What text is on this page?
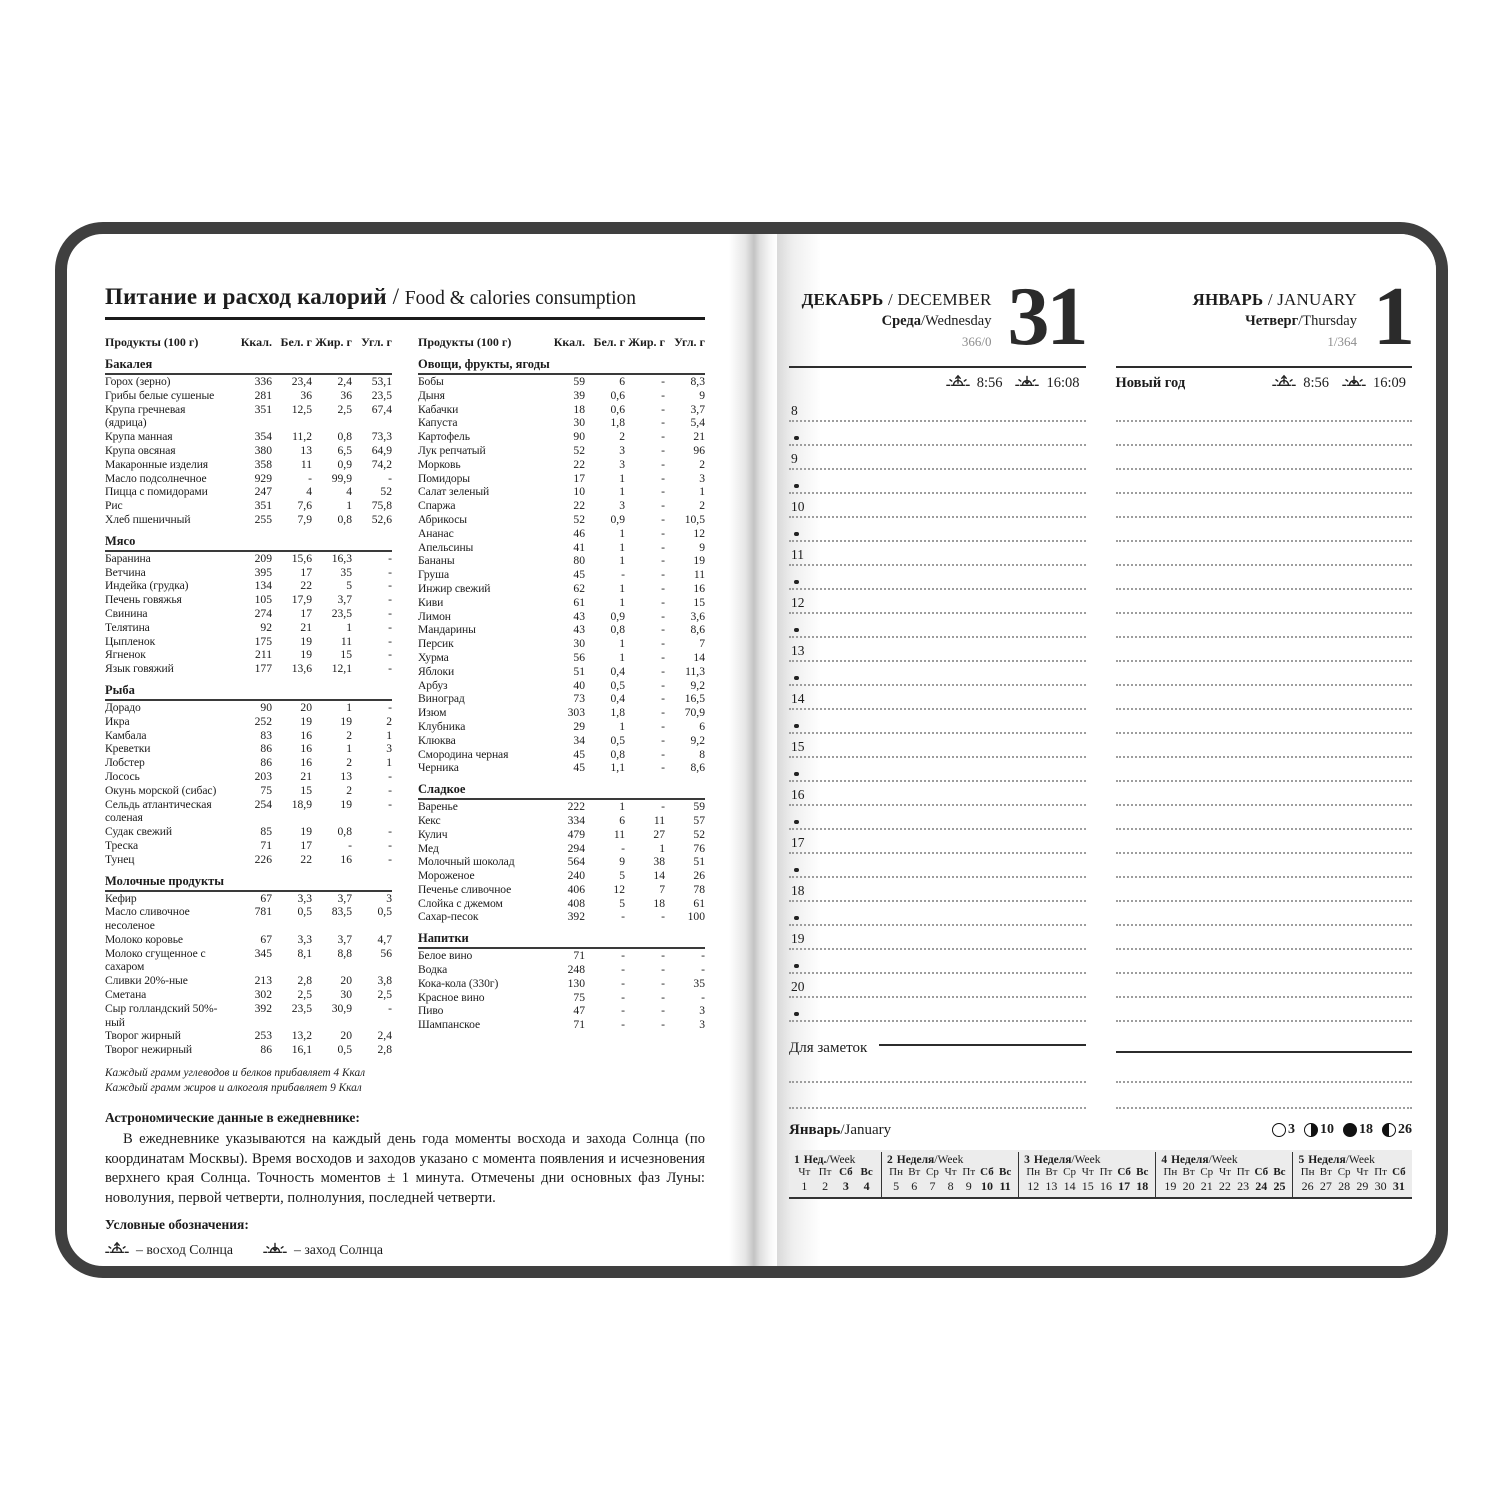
Питание и расход калорий / Food & calories consumption
Продукты (100 г)	Ккал. Бел. г Жир. г Угл. г
Бакалея
Горох (зерно)	336	23,4	2,4	53,1
Грибы белые сушеные	281	36	36	23,5
Крупа гречневая (ядрица)
351	12,5	2,5	67,4
Крупа манная	354	11,2	0,8	73,3
Крупа овсяная	380	13	6,5	64,9
Макаронные изделия	358	11	0,9	74,2
Масло подсолнечное	929	-	99,9	-
Пицца с помидорами	247	4	4	52
Рис	351	7,6	1	75,8
Хлеб пшеничный	255	7,9	0,8	52,6
Мясо
Баранина	209	15,6	16,3	-
Ветчина	395	17	35	-
Индейка (грудка)	134	22	5	-
Печень говяжья	105	17,9	3,7	-
Свинина	274	17	23,5	-
Телятина	92	21	1	-
Цыпленок	175	19	11	-
Ягненок	211	19	15	-
Язык говяжий	177	13,6	12,1	-
Рыба
Дорадо	90	20	1	-
Икра	252	19	19	2
Камбала	83	16	2	1
Креветки	86	16	1	3
Лобстер	86	16	2	1
Лосось	203	21	13	-
Окунь морской (сибас)	75	15	2	-
Сельдь атлантическая соленая
254	18,9	19	-
Судак свежий	85	19	0,8	-
Треска	71	17	-	-
Тунец	226	22	16	-
Молочные продукты
Кефир	67	3,3	3,7	3
Масло сливочное несоленое
781	0,5	83,5	0,5
Молоко коровье	67	3,3	3,7	4,7
Молоко сгущенное с сахаром
345	8,1	8,8	56
Сливки 20%-ные	213	2,8	20	3,8
Сметана	302	2,5	30	2,5
Сыр голландский 50%-ный
392	23,5	30,9	-
Творог жирный	253	13,2	20	2,4
Творог нежирный	86	16,1	0,5	2,8
Продукты (100 г)	Ккал. Бел. г Жир. г Угл. г
Овощи, фрукты, ягоды
Бобы	59	6	-	8,3
Дыня	39	0,6	-	9
Кабачки	18	0,6	-	3,7
Капуста	30	1,8	-	5,4
Картофель	90	2	-	21
Лук репчатый	52	3	-	96
Морковь	22	3	-	2
Помидоры	17	1	-	3
Салат зеленый	10	1	-	1
Спаржа	22	3	-	2
Абрикосы	52	0,9	-	10,5
Ананас	46	1	-	12
Апельсины	41	1	-	9
Бананы	80	1	-	19
Груша	45	-	-	11
Инжир свежий	62	1	-	16
Киви	61	1	-	15
Лимон	43	0,9	-	3,6
Мандарины	43	0,8	-	8,6
Персик	30	1	-	7
Хурма	56	1	-	14
Яблоки	51	0,4	-	11,3
Арбуз	40	0,5	-	9,2
Виноград	73	0,4	-	16,5
Изюм	303	1,8	-	70,9
Клубника	29	1	-	6
Клюква	34	0,5	-	9,2
Смородина черная	45	0,8	-	8
Черника	45	1,1	-	8,6
Сладкое
Варенье	222	1	-	59
Кекс	334	6	11	57
Кулич	479	11	27	52
Мед	294	-	1	76
Молочный шоколад	564	9	38	51
Мороженое	240	5	14	26
Печенье сливочное	406	12	7	78
Слойка с джемом	408	5	18	61
Сахар-песок	392	-	-	100
Напитки
Белое вино	71	-	-	-
Водка	248	-	-	-
Кока-кола (330г)	130	-	-	35
Красное вино	75	-	-	-
Пиво	47	-	-	3
Шампанское	71	-	-	3
Каждый грамм углеводов и белков прибавляет 4 Ккал
Каждый грамм жиров и алкоголя прибавляет 9 Ккал
Астрономические данные в ежедневнике:
В ежедневнике указываются на каждый день года моменты восхода и захода Солнца (по координатам Москвы). Время восходов и заходов указано с момента появления и исчезновения верхнего края Солнца. Точность моментов ± 1 минута. Отмечены дни основных фаз Луны: новолуния, первой четверти, полнолуния, последней четверти.
Условные обозначения:
– восход Солнца	– заход Солнца
– полнолуние	– новолуние	– первая четверть	– последняя четверть
ДЕКАБРЬ / DECEMBER
Среда/Wednesday
366/0 31	ЯНВАРЬ / JANUARY
Четверг/Thursday
1/364 1
8:56	16:08 Новый год	8:56	16:09
8
9
10
11
12
13
14
15
16
17
18
19
20
Для заметок
Январь/January	3 10 18 26
1 Нед./Week
Чт Пт Сб Вс
1	2	3	4
2 Неделя/Week
Пн Вт Ср Чт Пт Сб Вс
5	6	7	8	9 10 11
3 Неделя/Week
Пн Вт Ср Чт Пт Сб Вс
12 13 14 15 16 17 18
4 Неделя/Week
Пн Вт Ср Чт Пт Сб Вс
19 20 21 22 23 24 25
5 Неделя/Week
Пн Вт Ср Чт Пт Сб
26 27 28 29 30 31
